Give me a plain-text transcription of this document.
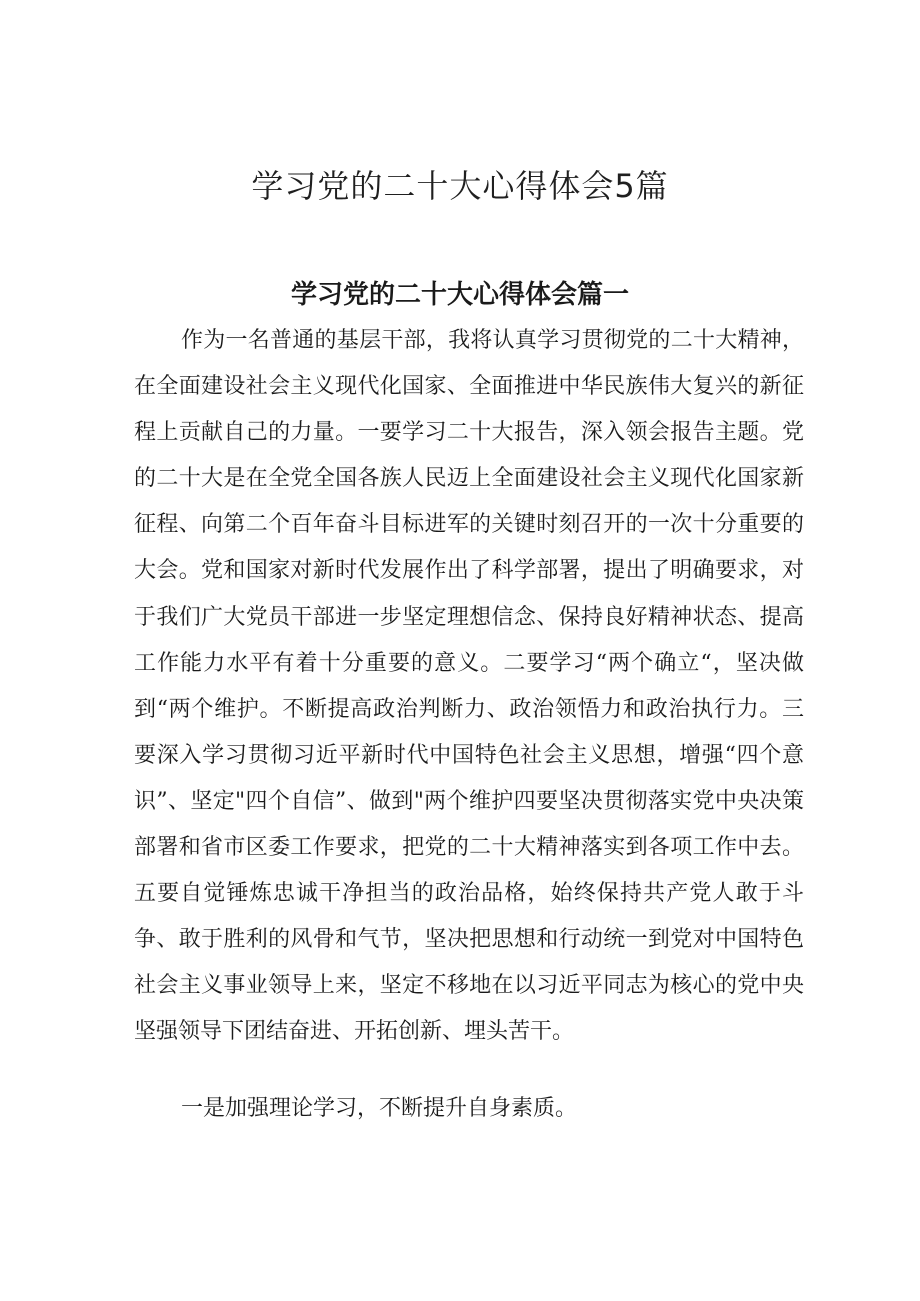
学习党的二十大心得体会5篇
学习党的二十大心得体会篇一

作为一名普通的基层干部，我将认真学习贯彻党的二十大精神，在全面建设社会主义现代化国家、全面推进中华民族伟大复兴的新征程上贡献自己的力量。一要学习二十大报告，深入领会报告主题。党的二十大是在全党全国各族人民迈上全面建设社会主义现代化国家新征程、向第二个百年奋斗目标进军的关键时刻召开的一次十分重要的大会。党和国家对新时代发展作出了科学部署，提出了明确要求，对于我们广大党员干部进一步坚定理想信念、保持良好精神状态、提高工作能力水平有着十分重要的意义。二要学习“两个确立“，坚决做到“两个维护。不断提高政治判断力、政治领悟力和政治执行力。三要深入学习贯彻习近平新时代中国特色社会主义思想，增强“四个意识”、坚定"四个自信”、做到"两个维护四要坚决贯彻落实党中央决策部署和省市区委工作要求，把党的二十大精神落实到各项工作中去。五要自觉锤炼忠诚干净担当的政治品格，始终保持共产党人敢于斗争、敢于胜利的风骨和气节，坚决把思想和行动统一到党对中国特色社会主义事业领导上来，坚定不移地在以习近平同志为核心的党中央坚强领导下团结奋进、开拓创新、埋头苦干。

一是加强理论学习，不断提升自身素质。
